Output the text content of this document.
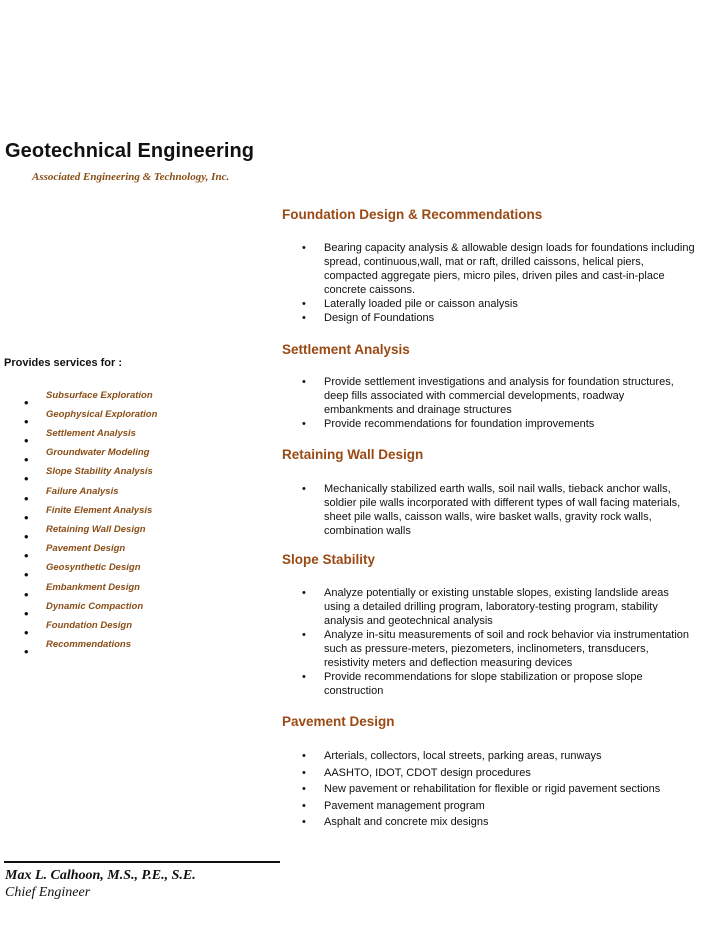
Geotechnical Engineering
Associated Engineering & Technology, Inc.
Provides services for :
Subsurface Exploration
Geophysical Exploration
Settlement Analysis
Groundwater Modeling
Slope Stability Analysis
Failure Analysis
Finite Element Analysis
Retaining Wall Design
Pavement Design
Geosynthetic Design
Embankment Design
Dynamic Compaction
Foundation Design
Recommendations
•
•
•
•
•
•
•
•
•
•
•
•
•
•
Foundation Design & Recommendations
• Bearing capacity analysis & allowable design loads for foundations including spread, continuous,wall, mat or raft, drilled caissons, helical piers, compacted aggregate piers, micro piles, driven piles and cast-in-place concrete caissons.
• Laterally loaded pile or caisson analysis
• Design of Foundations
Settlement Analysis
• Provide settlement investigations and analysis for foundation structures, deep fills associated with commercial developments, roadway embankments and drainage structures
• Provide recommendations for foundation improvements
Retaining Wall Design
• Mechanically stabilized earth walls, soil nail walls, tieback anchor walls, soldier pile walls incorporated with different types of wall facing materials, sheet pile walls, caisson walls, wire basket walls, gravity rock walls, combination walls
Slope Stability
• Analyze potentially or existing unstable slopes, existing landslide areas using a detailed drilling program, laboratory-testing program, stability analysis and geotechnical analysis
• Analyze in-situ measurements of soil and rock behavior via instrumentation such as pressure-meters, piezometers, inclinometers, transducers, resistivity meters and deflection measuring devices
• Provide recommendations for slope stabilization or propose slope construction
Pavement Design
• Arterials, collectors, local streets, parking areas, runways
• AASHTO, IDOT, CDOT design procedures
• New pavement or rehabilitation for flexible or rigid pavement sections
• Pavement management program
• Asphalt and concrete mix designs
Max L. Calhoon, M.S., P.E., S.E.
Chief Engineer
